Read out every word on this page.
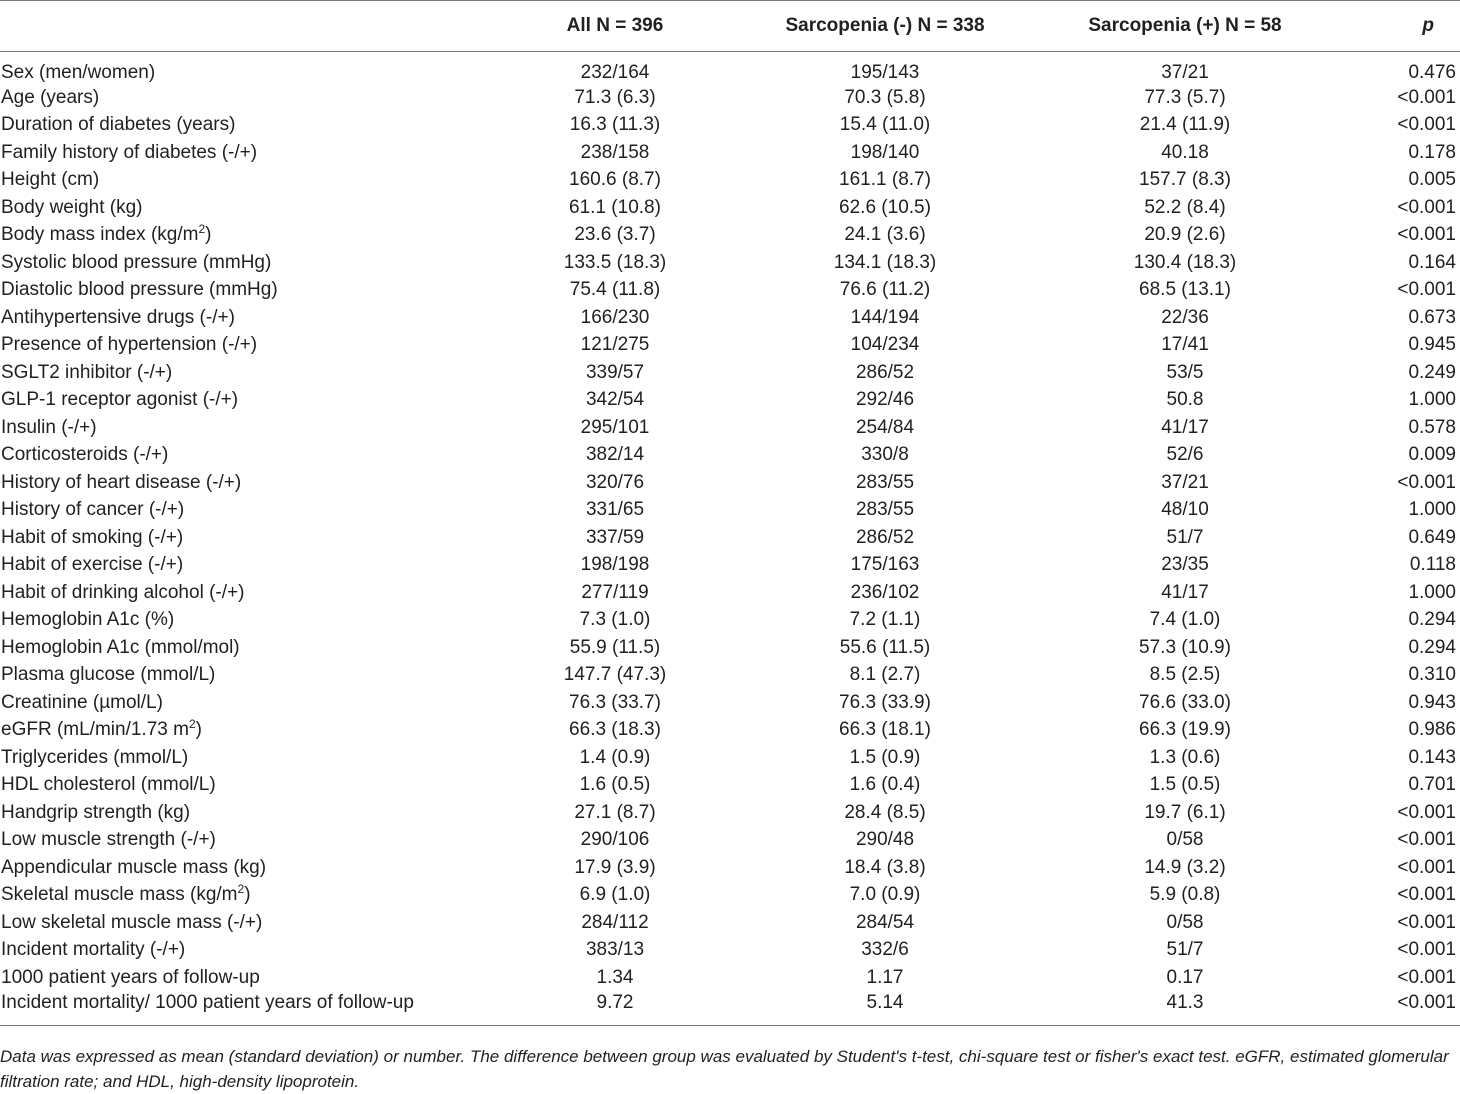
	All N = 396	Sarcopenia (-) N = 338	Sarcopenia (+) N = 58	p
Sex (men/women)	232/164	195/143	37/21	0.476
Age (years)	71.3 (6.3)	70.3 (5.8)	77.3 (5.7)	<0.001
Duration of diabetes (years)	16.3 (11.3)	15.4 (11.0)	21.4 (11.9)	<0.001
Family history of diabetes (-/+)	238/158	198/140	40.18	0.178
Height (cm)	160.6 (8.7)	161.1 (8.7)	157.7 (8.3)	0.005
Body weight (kg)	61.1 (10.8)	62.6 (10.5)	52.2 (8.4)	<0.001
Body mass index $(kg/m^2)$	23.6 (3.7)	24.1 (3.6)	20.9 (2.6)	<0.001
Systolic blood pressure (mmHg)	133.5 (18.3)	134.1 (18.3)	130.4 (18.3)	0.164
Diastolic blood pressure (mmHg)	75.4 (11.8)	76.6 (11.2)	68.5 (13.1)	<0.001
Antihypertensive drugs (-/+)	166/230	144/194	22/36	0.673
Presence of hypertension (-/+)	121/275	104/234	17/41	0.945
SGLT2 inhibitor (-/+)	339/57	286/52	53/5	0.249
GLP-1 receptor agonist (-/+)	342/54	292/46	50.8	1.000
Insulin (-/+)	295/101	254/84	41/17	0.578
Corticosteroids (-/+)	382/14	330/8	52/6	0.009
History of heart disease (-/+)	320/76	283/55	37/21	<0.001
History of cancer (-/+)	331/65	283/55	48/10	1.000
Habit of smoking (-/+)	337/59	286/52	51/7	0.649
Habit of exercise (-/+)	198/198	175/163	23/35	0.118
Habit of drinking alcohol (-/+)	277/119	236/102	41/17	1.000
Hemoglobin A1c (%)	7.3 (1.0)	7.2 (1.1)	7.4 (1.0)	0.294
Hemoglobin A1c (mmol/mol)	55.9 (11.5)	55.6 (11.5)	57.3 (10.9)	0.294
Plasma glucose (mmol/L)	147.7 (47.3)	8.1 (2.7)	8.5 (2.5)	0.310
Creatinine (µmol/L)	76.3 (33.7)	76.3 (33.9)	76.6 (33.0)	0.943
eGFR (mL/min/1.73 $m^2$)	66.3 (18.3)	66.3 (18.1)	66.3 (19.9)	0.986
Triglycerides (mmol/L)	1.4 (0.9)	1.5 (0.9)	1.3 (0.6)	0.143
HDL cholesterol (mmol/L)	1.6 (0.5)	1.6 (0.4)	1.5 (0.5)	0.701
Handgrip strength (kg)	27.1 (8.7)	28.4 (8.5)	19.7 (6.1)	<0.001
Low muscle strength (-/+)	290/106	290/48	0/58	<0.001
Appendicular muscle mass (kg)	17.9 (3.9)	18.4 (3.8)	14.9 (3.2)	<0.001
Skeletal muscle mass $(kg/m^2)$	6.9 (1.0)	7.0 (0.9)	5.9 (0.8)	<0.001
Low skeletal muscle mass (-/+)	284/112	284/54	0/58	<0.001
Incident mortality (-/+)	383/13	332/6	51/7	<0.001
1000 patient years of follow-up	1.34	1.17	0.17	<0.001
Incident mortality/ 1000 patient years of follow-up	9.72	5.14	41.3	<0.001
Data was expressed as mean (standard deviation) or number. The difference between group was evaluated by Student's t-test, chi-square test or fisher's exact test. eGFR, estimated glomerular filtration rate; and HDL, high-density lipoprotein.
